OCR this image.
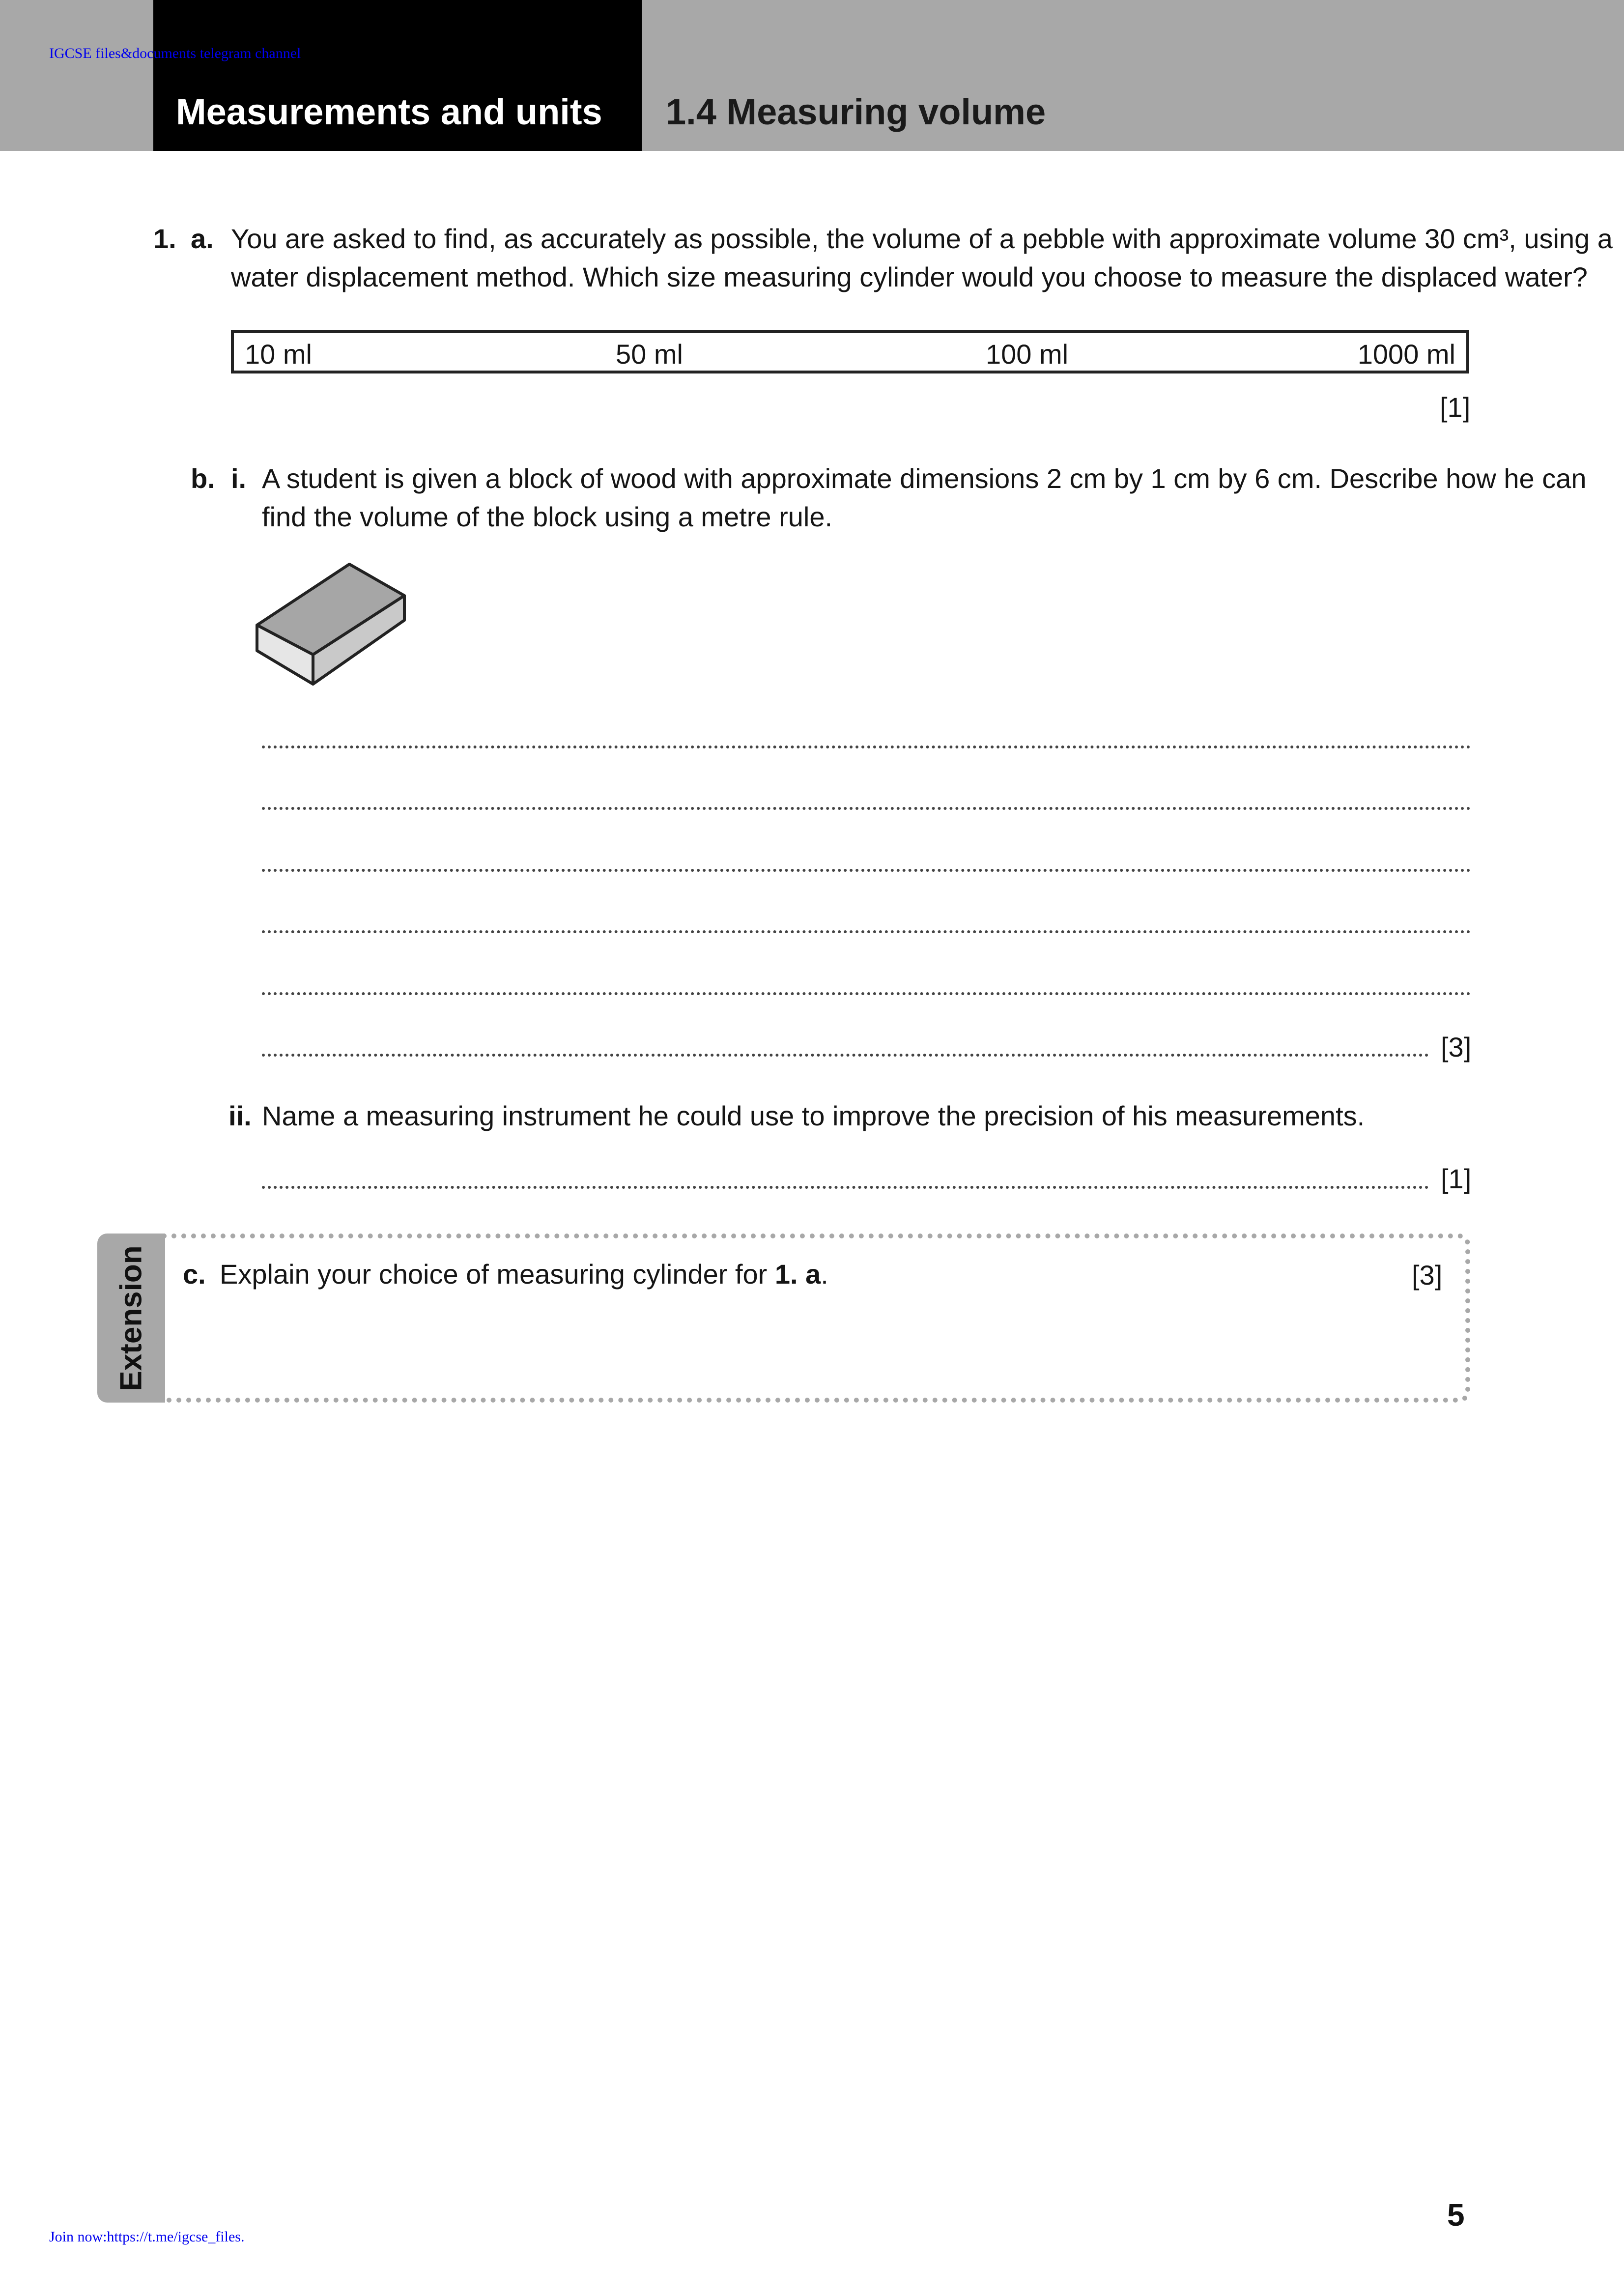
Measurements and units 1.4 Measuring volume
IGCSE files&documents telegram channel
1. a. You are asked to find, as accurately as possible, the volume of a pebble with approximate volume 30 cm³, using a
water displacement method. Which size measuring cylinder would you choose to measure the displaced water?
10 ml	50 ml	100 ml	1000 ml
[1]
b. i. A student is given a block of wood with approximate dimensions 2 cm by 1 cm by 6 cm. Describe how he can
find the volume of the block using a metre rule.
[3]
ii. Name a measuring instrument he could use to improve the precision of his measurements.
[1]
Extension c. Explain your choice of measuring cylinder for 1. a.	[3]
5
Join now:https://t.me/igcse_files.
